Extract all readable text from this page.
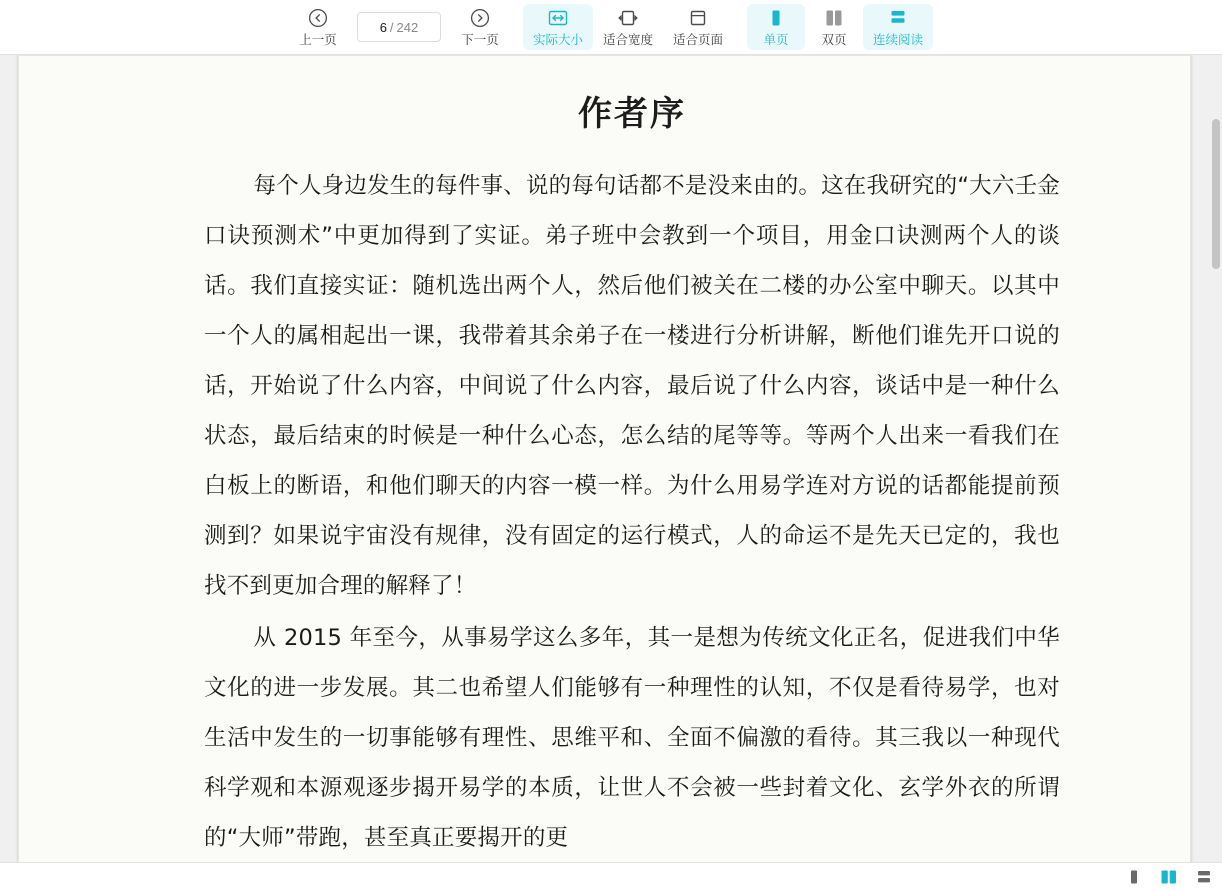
上一页
6 / 242
下一页	实际大小 适合宽度 适合页面	单页	双页 连续阅读
作者序

每个人身边发生的每件事、说的每句话都不是没来由的。这在我研究的“大六壬金口诀预测术”中更加得到了实证。弟子班中会教到一个项目，用金口诀测两个人的谈话。我们直接实证：随机选出两个人，然后他们被关在二楼的办公室中聊天。以其中一个人的属相起出一课，我带着其余弟子在一楼进行分析讲解，断他们谁先开口说的话，开始说了什么内容，中间说了什么内容，最后说了什么内容，谈话中是一种什么状态，最后结束的时候是一种什么心态，怎么结的尾等等。等两个人出来一看我们在白板上的断语，和他们聊天的内容一模一样。为什么用易学连对方说的话都能提前预测到？如果说宇宙没有规律，没有固定的运行模式，人的命运不是先天已定的，我也找不到更加合理的解释了！

从 2015 年至今，从事易学这么多年，其一是想为传统文化正名，促进我们中华文化的进一步发展。其二也希望人们能够有一种理性的认知，不仅是看待易学，也对生活中发生的一切事能够有理性、思维平和、全面不偏激的看待。其三我以一种现代科学观和本源观逐步揭开易学的本质，让世人不会被一些封着文化、玄学外衣的所谓的“大师”带跑，甚至真正要揭开的更
